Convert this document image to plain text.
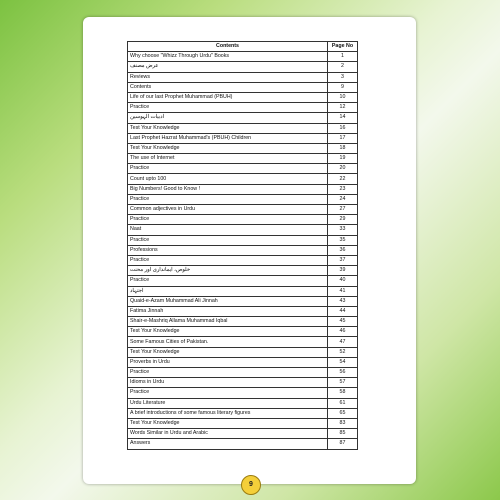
Contents	Page No
Why choose "Whizz Through Urdu" Books	1
عرض مصنف	2
Reviews	3
Contents	9
Life of our last Prophet Muhammad (PBUH)	10
Practice	12
ادبیات الہوسین	14
Test Your Knowledge	16
Last Prophet Hazrat Muhammad's (PBUH) Children	17
Test Your Knowledge	18
The use of Internet	19
Practice	20
Count upto 100	22
Big Numbers! Good to Know !	23
Practice	24
Common adjectives in Urdu	27
Practice	29
Naat	33
Practice	35
Professions	36
Practice	37
خلوص، ایمانداری اور محنت	39
Practice	40
اجتہاد	41
Quaid-e-Azam Muhammad Ali Jinnah	43
Fatima Jinnah	44
Shair-e-Mashriq Allama Muhammad Iqbal	45
Test Your Knowledge	46
Some Famous Cities of Pakistan.	47
Test Your Knowledge	52
Proverbs in Urdu	54
Practice	56
Idioms in Urdu	57
Practice	58
Urdu Literature	61
A brief introductions of some famous literary figures	65
Test Your Knowledge	83
Words Similar in Urdu and Arabic	85
Answers	87
9
